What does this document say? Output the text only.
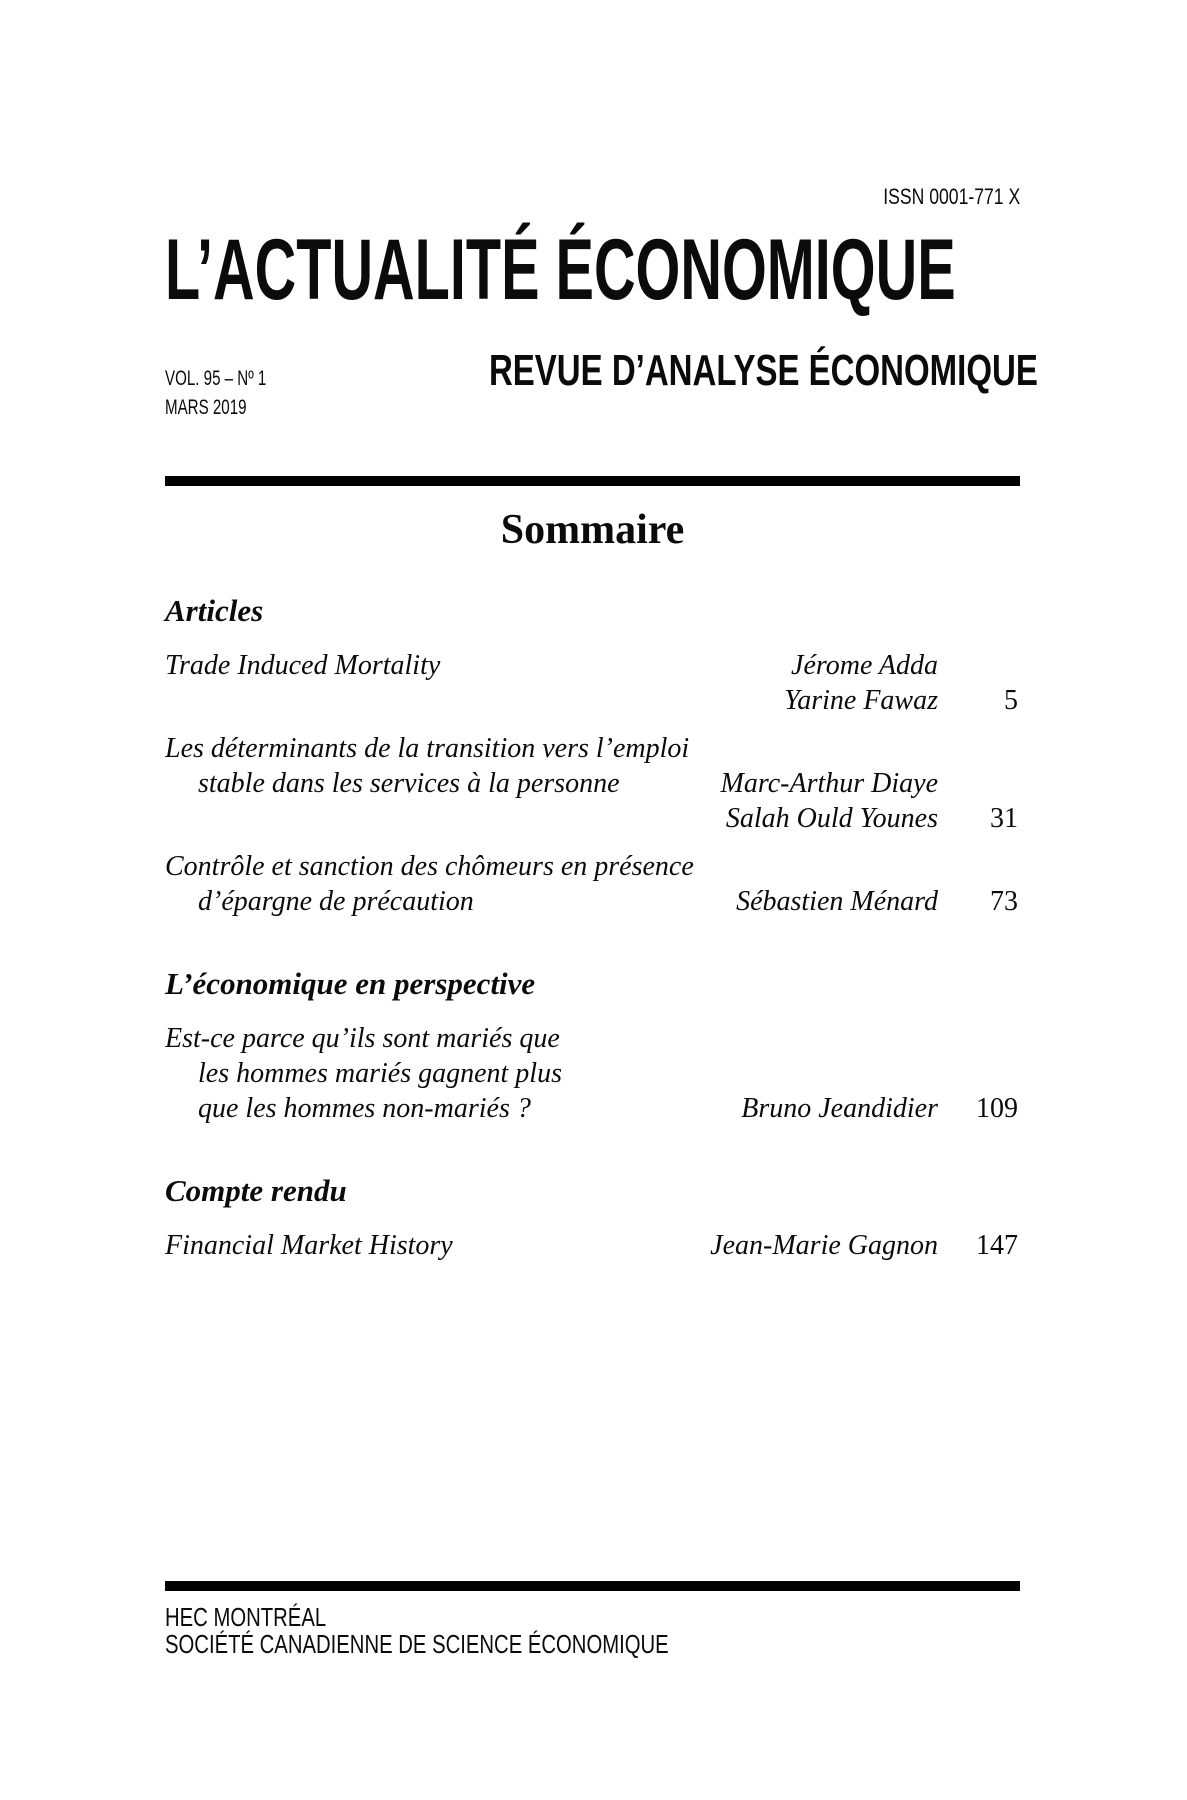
ISSN 0001-771 X
L’ACTUALITÉ ÉCONOMIQUE
VOL. 95 – Nº 1
MARS 2019
REVUE D’ANALYSE ÉCONOMIQUE
Sommaire
Articles
Trade Induced Mortality	Jérome Adda
Yarine Fawaz	5
Les déterminants de la transition vers l’emploi
stable dans les services à la personne	Marc-Arthur Diaye
Salah Ould Younes	31
Contrôle et sanction des chômeurs en présence
d’épargne de précaution	Sébastien Ménard	73
L’économique en perspective
Est-ce parce qu’ils sont mariés que
les hommes mariés gagnent plus
que les hommes non-mariés ?	Bruno Jeandidier	109
Compte rendu
Financial Market History	Jean-Marie Gagnon	147
HEC MONTRÉAL
SOCIÉTÉ CANADIENNE DE SCIENCE ÉCONOMIQUE
